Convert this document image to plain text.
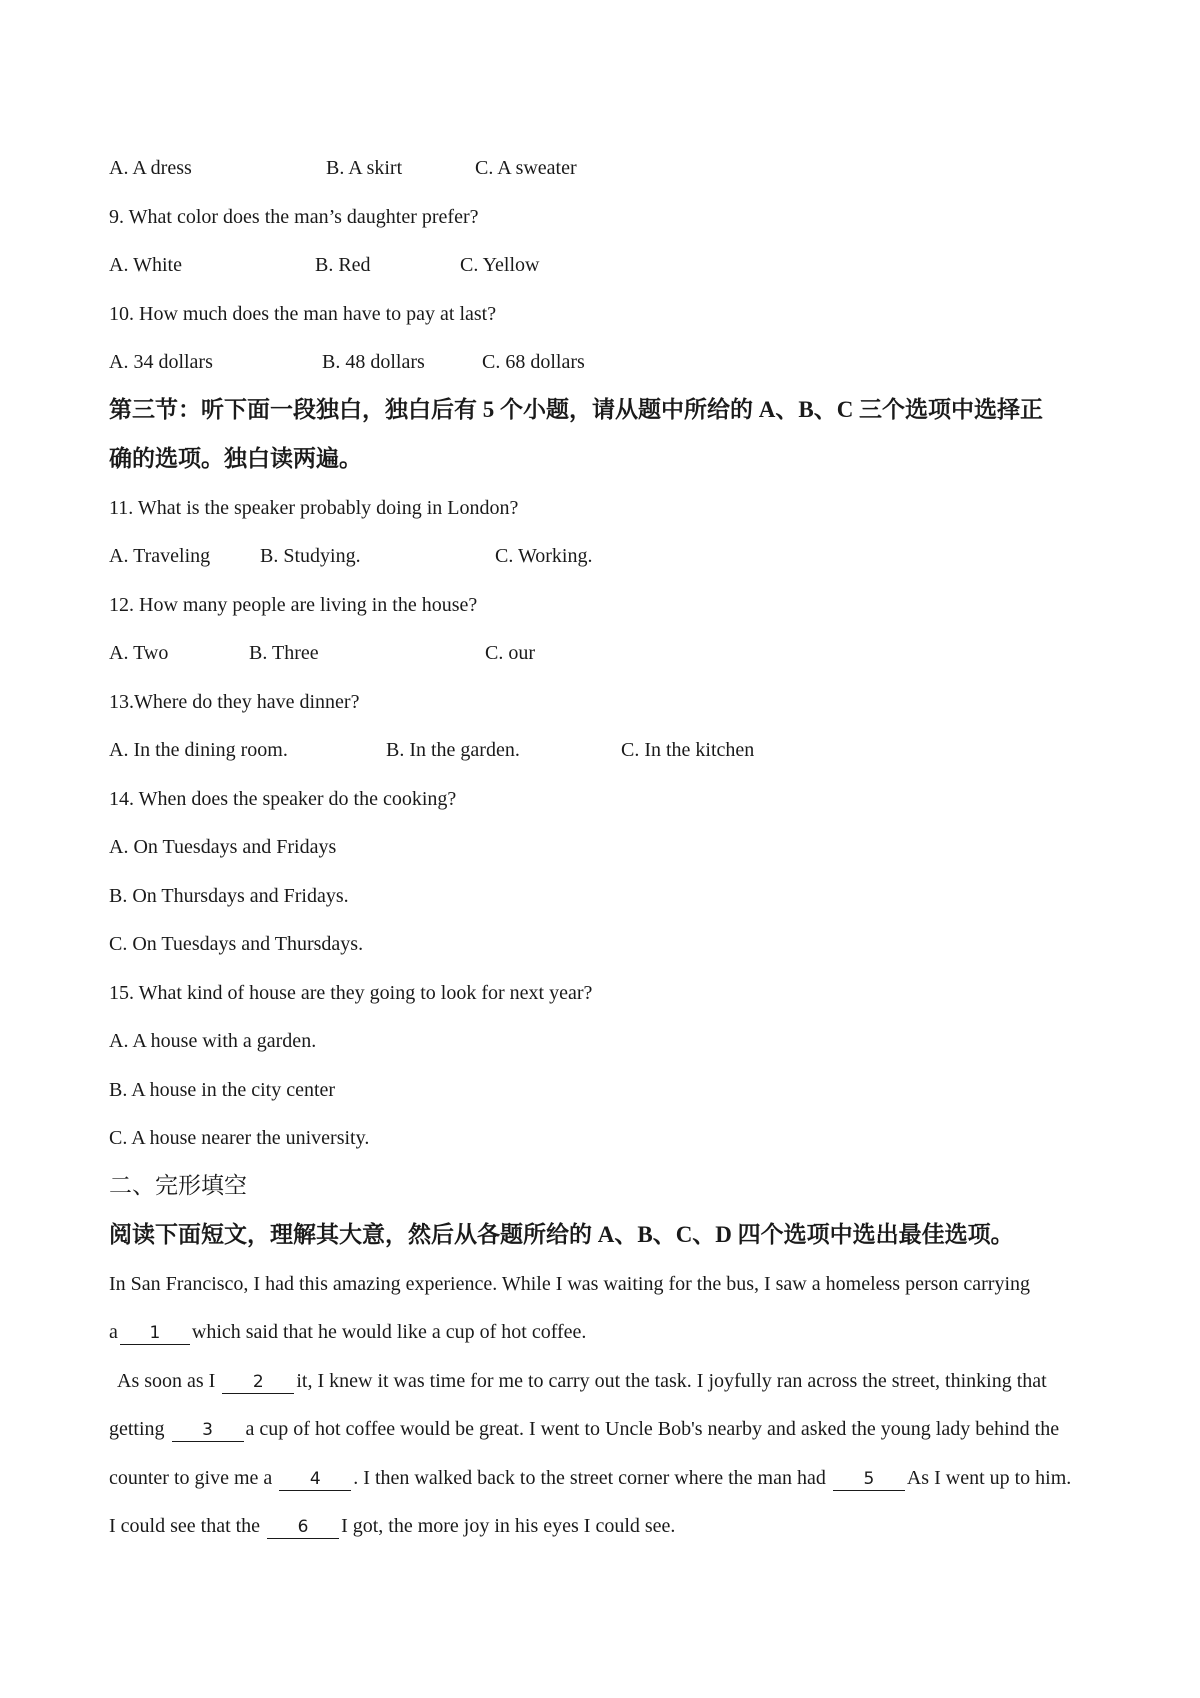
A. A dress	B. A skirt	C. A sweater
9. What color does the man’s daughter prefer?
A. White	B. Red	C. Yellow
10. How much does the man have to pay at last?
A. 34 dollars	B. 48 dollars	C. 68 dollars
第三节：听下面一段独白，独白后有 5 个小题，请从题中所给的 A、B、C 三个选项中选择正
确的选项。独白读两遍。
11. What is the speaker probably doing in London?
A. Traveling B. Studying.	C. Working.
12. How many people are living in the house?
A. Two	B. Three	C. our
13.Where do they have dinner?
A. In the dining room.	B. In the garden.	C. In the kitchen
14. When does the speaker do the cooking?
A. On Tuesdays and Fridays
B. On Thursdays and Fridays.
C. On Tuesdays and Thursdays.
15. What kind of house are they going to look for next year?
A. A house with a garden.
B. A house in the city center
C. A house nearer the university.
二、完形填空
阅读下面短文，理解其大意，然后从各题所给的 A、B、C、D 四个选项中选出最佳选项。
In San Francisco, I had this amazing experience. While I was waiting for the bus, I saw a homeless person carrying
a 1 which said that he would like a cup of hot coffee.
As soon as I 2 it, I knew it was time for me to carry out the task. I joyfully ran across the street, thinking that
getting 3 a cup of hot coffee would be great. I went to Uncle Bob's nearby and asked the young lady behind the
counter to give me a 4 . I then walked back to the street corner where the man had 5 As I went up to him.
I could see that the 6 I got, the more joy in his eyes I could see.
